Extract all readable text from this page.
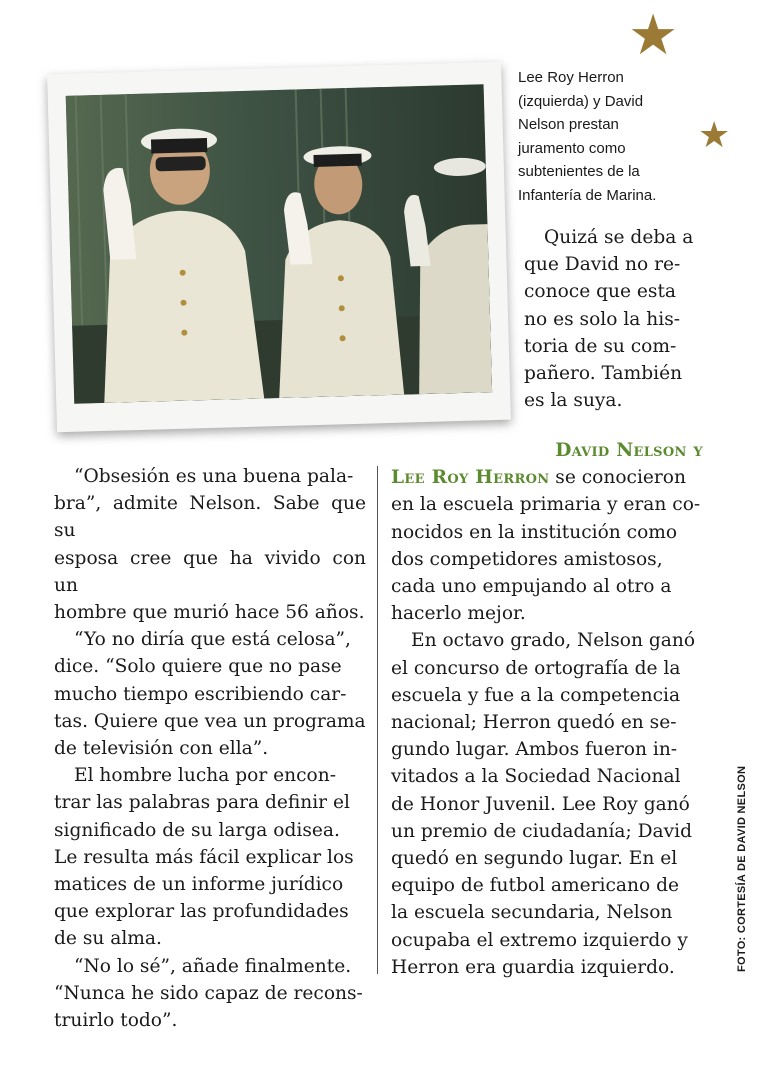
★
★

Lee Roy Herron

(izquierda) y David

Nelson prestan

juramento como

subtenientes de la

Infantería de Marina.

Quizá se deba a
que David no re-
conoce que esta
no es solo la his-
toria de su com-
pañero. También
es la suya.

“Obsesión es una buena pala-
bra”, admite Nelson. Sabe que su
esposa cree que ha vivido con un
hombre que murió hace 56 años.

“Yo no diría que está celosa”,
dice. “Solo quiere que no pase
mucho tiempo escribiendo car-
tas. Quiere que vea un programa
de televisión con ella”.

El hombre lucha por encon-
trar las palabras para definir el
significado de su larga odisea.
Le resulta más fácil explicar los
matices de un informe jurídico
que explorar las profundidades
de su alma.

“No lo sé”, añade finalmente.
“Nunca he sido capaz de recons-
truirlo todo”.

David Nelson y

Lee Roy Herron se conocieron
en la escuela primaria y eran co-
nocidos en la institución como
dos competidores amistosos,
cada uno empujando al otro a
hacerlo mejor.

En octavo grado, Nelson ganó
el concurso de ortografía de la
escuela y fue a la competencia
nacional; Herron quedó en se-
gundo lugar. Ambos fueron in-
vitados a la Sociedad Nacional
de Honor Juvenil. Lee Roy ganó
un premio de ciudadanía; David
quedó en segundo lugar. En el
equipo de futbol americano de
la escuela secundaria, Nelson
ocupaba el extremo izquierdo y
Herron era guardia izquierdo.	FOTO: CORTESÍA DE DAVID NELSON
